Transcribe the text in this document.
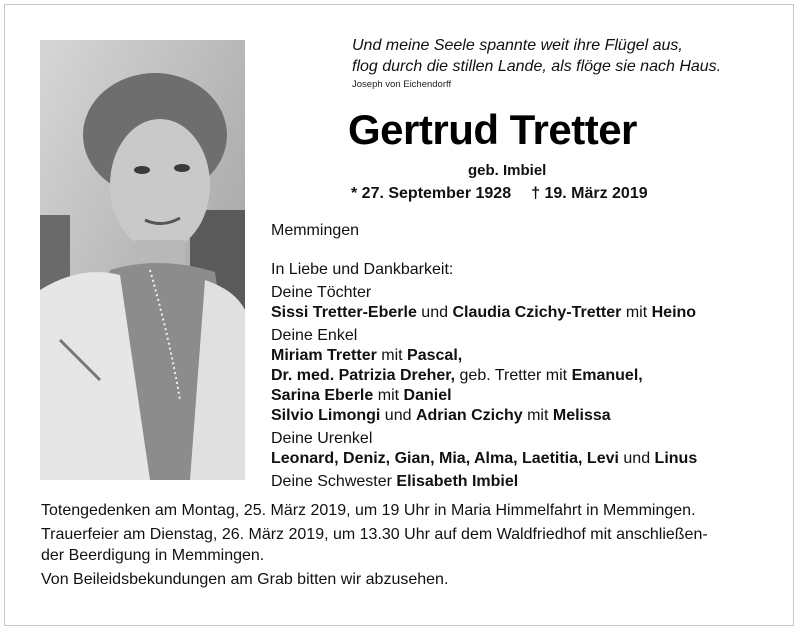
Und meine Seele spannte weit ihre Flügel aus,
flog durch die stillen Lande, als flöge sie nach Haus.
Joseph von Eichendorff
Gertrud Tretter
geb. Imbiel
* 27. September 1928 † 19. März 2019
Memmingen
In Liebe und Dankbarkeit:
Deine Töchter
Sissi Tretter-Eberle und Claudia Czichy-Tretter mit Heino
Deine Enkel
Miriam Tretter mit Pascal,
Dr. med. Patrizia Dreher, geb. Tretter mit Emanuel,
Sarina Eberle mit Daniel
Silvio Limongi und Adrian Czichy mit Melissa
Deine Urenkel
Leonard, Deniz, Gian, Mia, Alma, Laetitia, Levi und Linus
Deine Schwester Elisabeth Imbiel

Totengedenken am Montag, 25. März 2019, um 19 Uhr in Maria Himmelfahrt in Memmingen.

Trauerfeier am Dienstag, 26. März 2019, um 13.30 Uhr auf dem Waldfriedhof mit anschließen-
der Beerdigung in Memmingen.

Von Beileidsbekundungen am Grab bitten wir abzusehen.
